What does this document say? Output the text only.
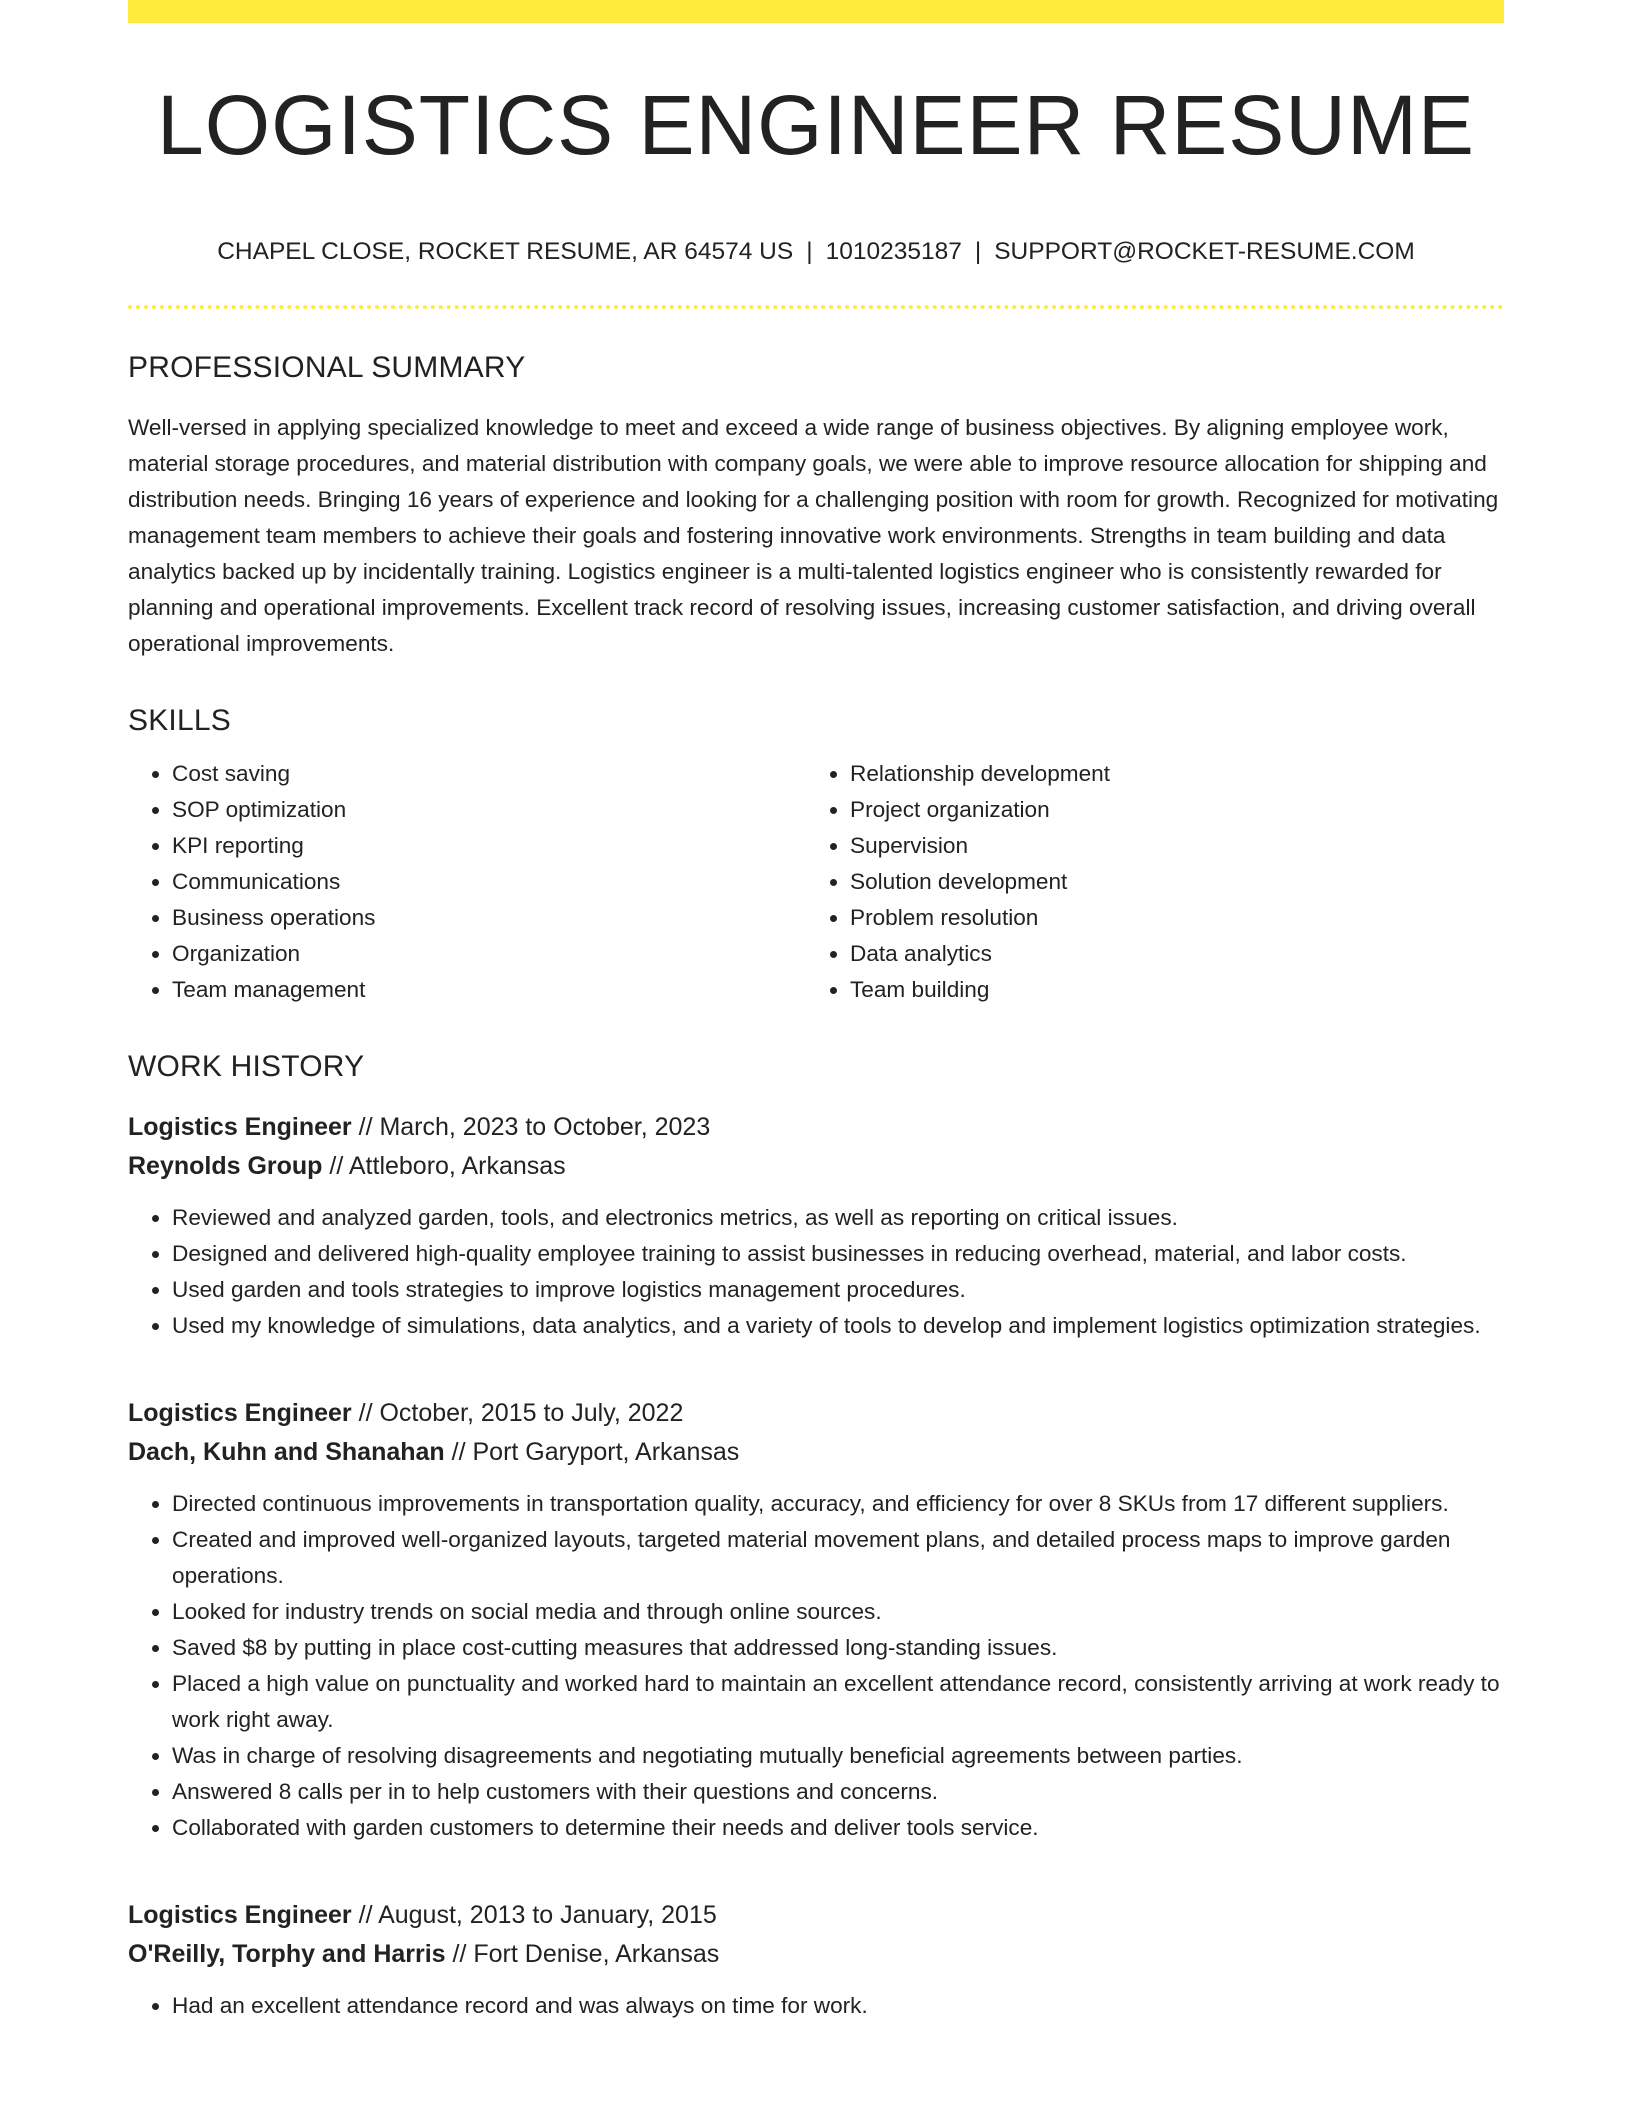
LOGISTICS ENGINEER RESUME
CHAPEL CLOSE, ROCKET RESUME, AR 64574 US | 1010235187 | SUPPORT@ROCKET-RESUME.COM
PROFESSIONAL SUMMARY

Well-versed in applying specialized knowledge to meet and exceed a wide range of business objectives. By aligning employee work, material storage procedures, and material distribution with company goals, we were able to improve resource allocation for shipping and distribution needs. Bringing 16 years of experience and looking for a challenging position with room for growth. Recognized for motivating management team members to achieve their goals and fostering innovative work environments. Strengths in team building and data analytics backed up by incidentally training. Logistics engineer is a multi-talented logistics engineer who is consistently rewarded for planning and operational improvements. Excellent track record of resolving issues, increasing customer satisfaction, and driving overall operational improvements.

SKILLS
• Cost saving
• SOP optimization
• KPI reporting
• Communications
• Business operations
• Organization
• Team management
• Relationship development
• Project organization
• Supervision
• Solution development
• Problem resolution
• Data analytics
• Team building
WORK HISTORY
Logistics Engineer // March, 2023 to October, 2023
Reynolds Group // Attleboro, Arkansas
• Reviewed and analyzed garden, tools, and electronics metrics, as well as reporting on critical issues.
• Designed and delivered high-quality employee training to assist businesses in reducing overhead, material, and labor costs.
• Used garden and tools strategies to improve logistics management procedures.
• Used my knowledge of simulations, data analytics, and a variety of tools to develop and implement logistics optimization strategies.
Logistics Engineer // October, 2015 to July, 2022
Dach, Kuhn and Shanahan // Port Garyport, Arkansas
• Directed continuous improvements in transportation quality, accuracy, and efficiency for over 8 SKUs from 17 different suppliers.
• Created and improved well-organized layouts, targeted material movement plans, and detailed process maps to improve garden operations.
• Looked for industry trends on social media and through online sources.
• Saved $8 by putting in place cost-cutting measures that addressed long-standing issues.
• Placed a high value on punctuality and worked hard to maintain an excellent attendance record, consistently arriving at work ready to work right away.
• Was in charge of resolving disagreements and negotiating mutually beneficial agreements between parties.
• Answered 8 calls per in to help customers with their questions and concerns.
• Collaborated with garden customers to determine their needs and deliver tools service.
Logistics Engineer // August, 2013 to January, 2015
O'Reilly, Torphy and Harris // Fort Denise, Arkansas
• Had an excellent attendance record and was always on time for work.
